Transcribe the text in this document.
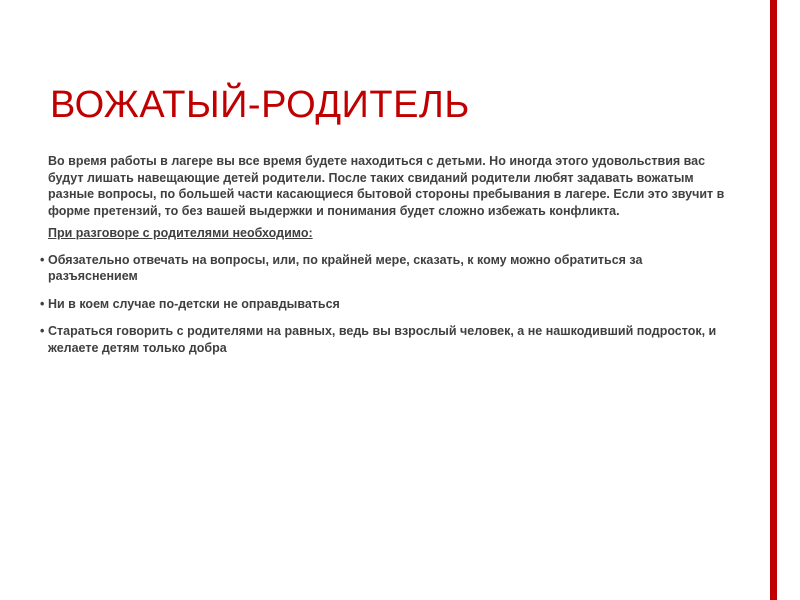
ВОЖАТЫЙ-РОДИТЕЛЬ

Во время работы в лагере вы все время будете находиться с детьми. Но иногда этого удовольствия вас будут лишать навещающие детей родители. После таких свиданий родители любят задавать вожатым разные вопросы, по большей части касающиеся бытовой стороны пребывания в лагере. Если это звучит в форме претензий, то без вашей выдержки и понимания будет сложно избежать конфликта.

При разговоре с родителями необходимо:

• Обязательно отвечать на вопросы, или, по крайней мере, сказать, к кому можно обратиться за разъяснением
• Ни в коем случае по-детски не оправдываться
• Стараться говорить с родителями на равных, ведь вы взрослый человек, а не нашкодивший подросток, и желаете детям только добра
